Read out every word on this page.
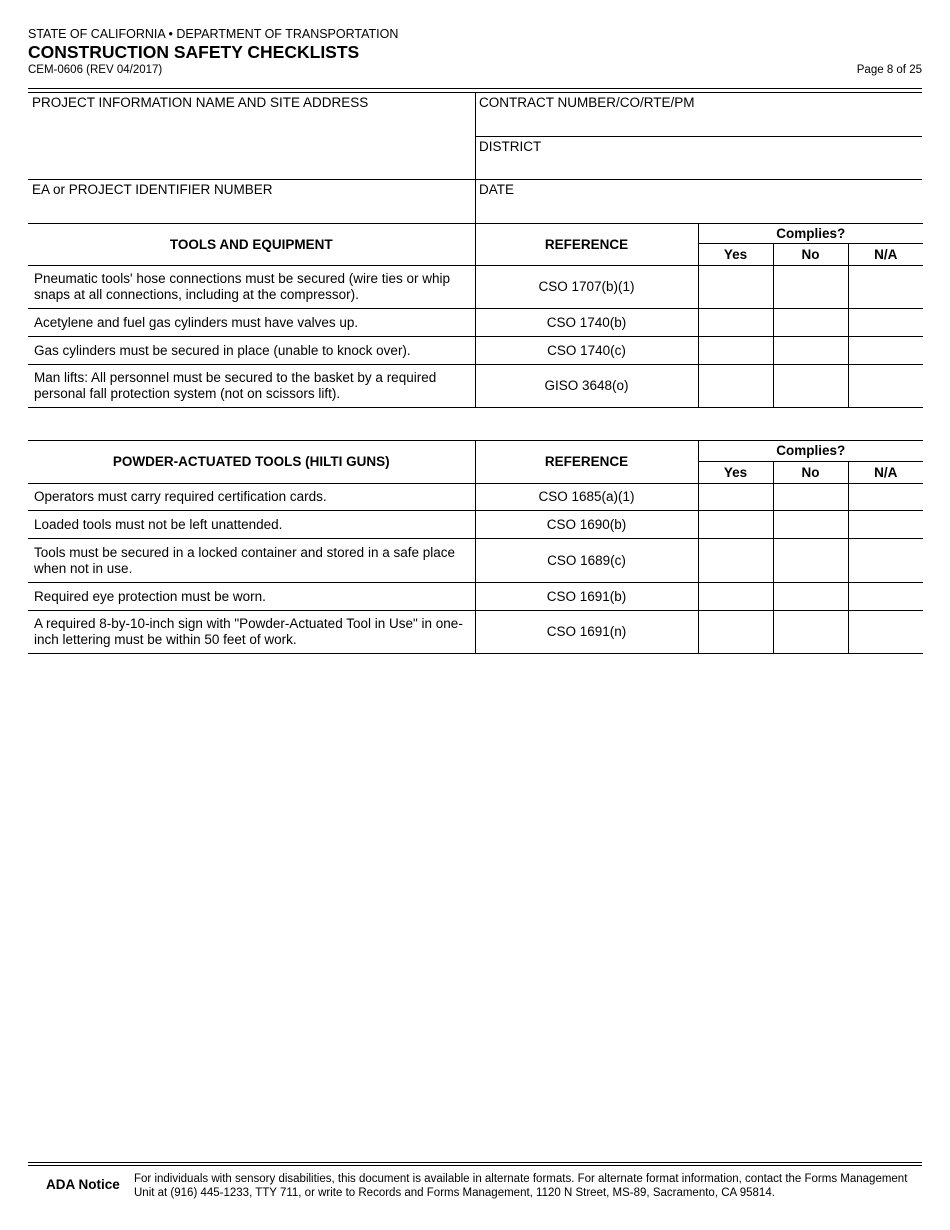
STATE OF CALIFORNIA • DEPARTMENT OF TRANSPORTATION
CONSTRUCTION SAFETY CHECKLISTS
CEM-0606 (REV 04/2017)	Page 8 of 25
PROJECT INFORMATION NAME AND SITE ADDRESS
EA or PROJECT IDENTIFIER NUMBER
CONTRACT NUMBER/CO/RTE/PM
DISTRICT
DATE
TOOLS AND EQUIPMENT	REFERENCE	Complies?		
		Yes	No	N/A
Pneumatic tools' hose connections must be secured (wire ties or whip snaps at all connections, including at the compressor).	CSO 1707(b)(1)			
Acetylene and fuel gas cylinders must have valves up.	CSO 1740(b)			
Gas cylinders must be secured in place (unable to knock over).	CSO 1740(c)			
Man lifts: All personnel must be secured to the basket by a required personal fall protection system (not on scissors lift).	GISO 3648(o)			
POWDER-ACTUATED TOOLS (HILTI GUNS)	REFERENCE	Complies?		
		Yes	No	N/A
Operators must carry required certification cards.	CSO 1685(a)(1)			
Loaded tools must not be left unattended.	CSO 1690(b)			
Tools must be secured in a locked container and stored in a safe place when not in use.	CSO 1689(c)			
Required eye protection must be worn.	CSO 1691(b)			
A required 8-by-10-inch sign with "Powder-Actuated Tool in Use" in one-inch lettering must be within 50 feet of work.	CSO 1691(n)			
ADA Notice For individuals with sensory disabilities, this document is available in alternate formats. For alternate format information, contact the Forms Management Unit at (916) 445-1233, TTY 711, or write to Records and Forms Management, 1120 N Street, MS-89, Sacramento, CA 95814.
